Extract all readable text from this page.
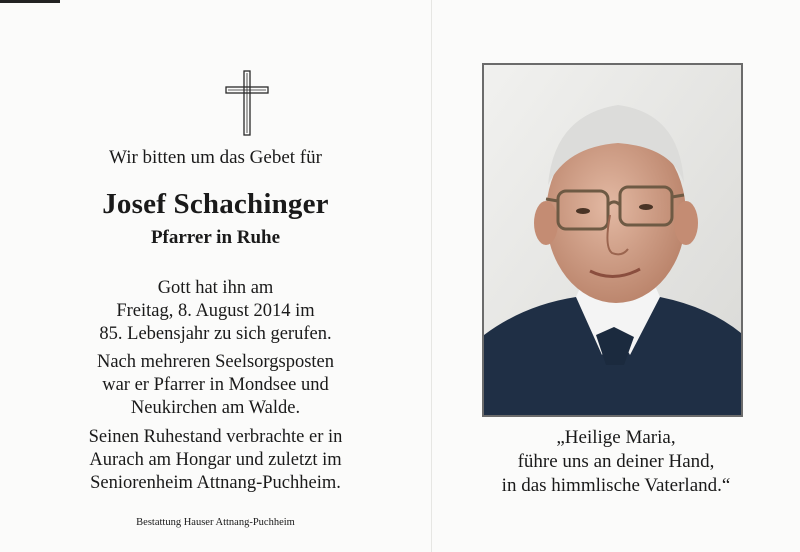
Wir bitten um das Gebet für
Josef Schachinger
Pfarrer in Ruhe
Gott hat ihn am
Freitag, 8. August 2014 im
85. Lebensjahr zu sich gerufen.
Nach mehreren Seelsorgsposten
war er Pfarrer in Mondsee und
Neukirchen am Walde.
Seinen Ruhestand verbrachte er in
Aurach am Hongar und zuletzt im
Seniorenheim Attnang-Puchheim.
Bestattung Hauser Attnang-Puchheim
„Heilige Maria,
führe uns an deiner Hand,
in das himmlische Vaterland.“
